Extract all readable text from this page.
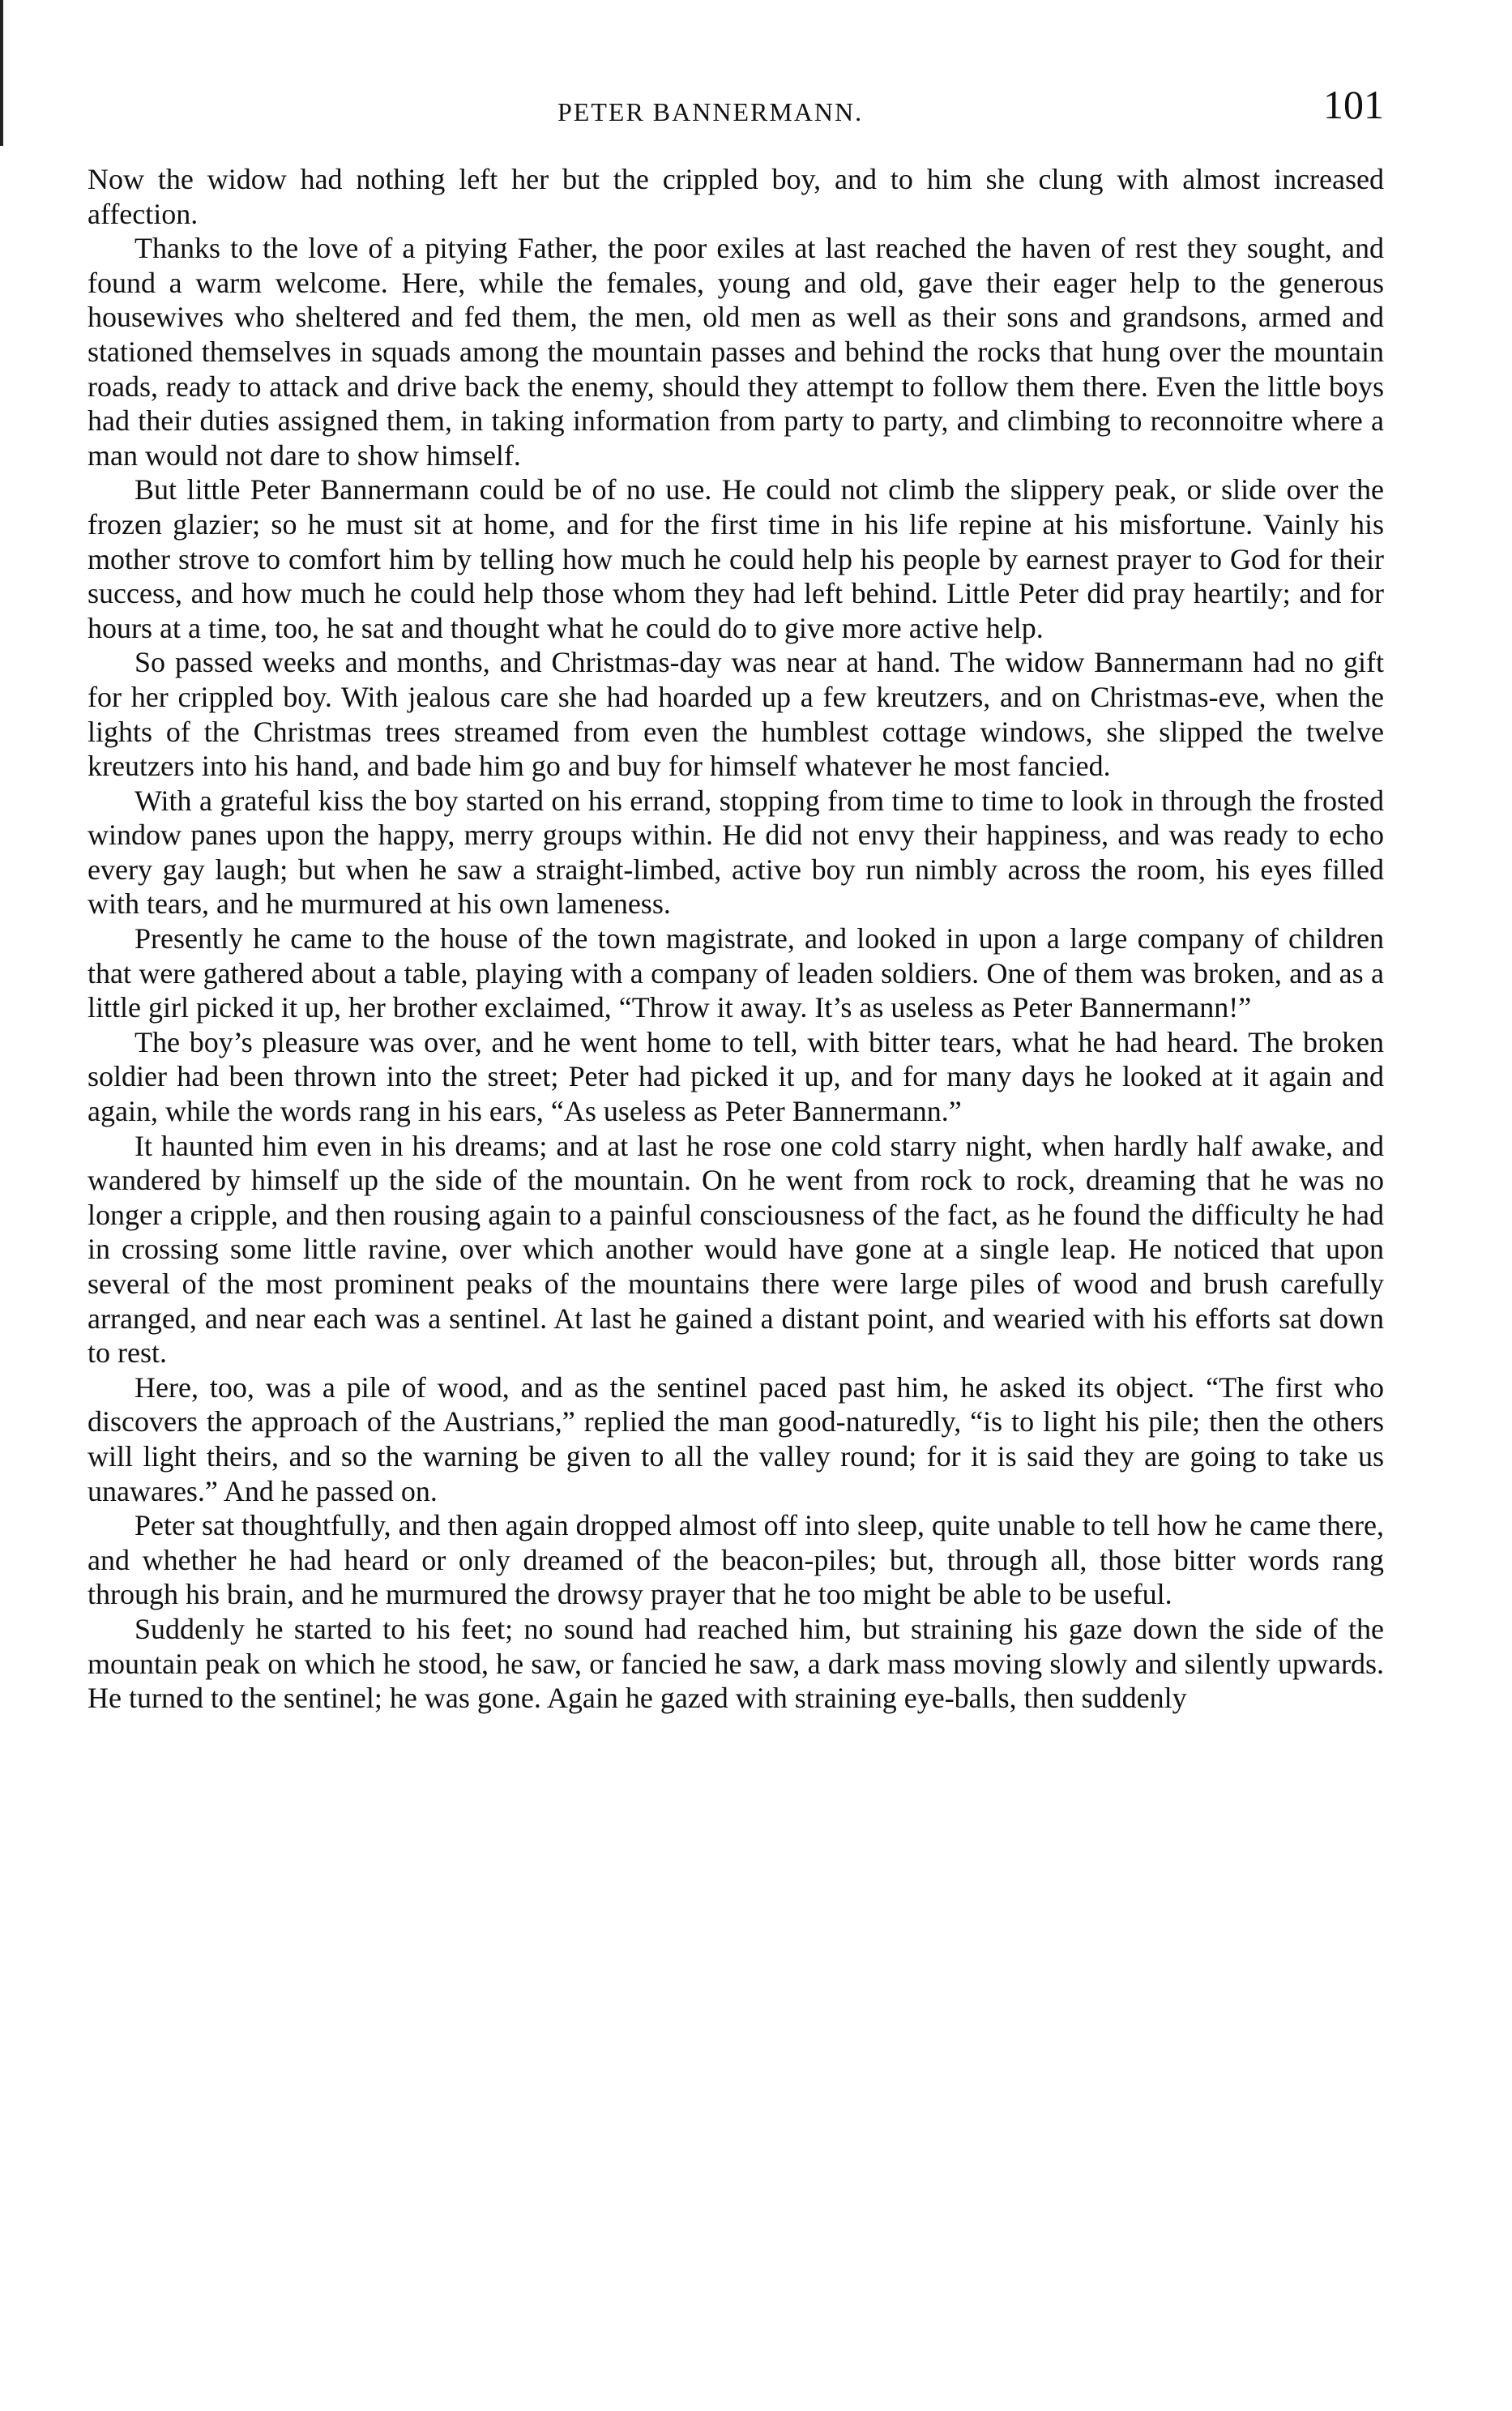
PETER BANNERMANN.	101

Now the widow had nothing left her but the crippled boy, and to him she clung with almost increased affection.

Thanks to the love of a pitying Father, the poor exiles at last reached the haven of rest they sought, and found a warm welcome. Here, while the females, young and old, gave their eager help to the generous housewives who sheltered and fed them, the men, old men as well as their sons and grandsons, armed and stationed themselves in squads among the mountain passes and behind the rocks that hung over the mountain roads, ready to attack and drive back the enemy, should they attempt to follow them there. Even the little boys had their duties assigned them, in taking information from party to party, and climbing to reconnoitre where a man would not dare to show himself.

But little Peter Bannermann could be of no use. He could not climb the slippery peak, or slide over the frozen glazier; so he must sit at home, and for the first time in his life repine at his misfortune. Vainly his mother strove to comfort him by telling how much he could help his people by earnest prayer to God for their success, and how much he could help those whom they had left behind. Little Peter did pray heartily; and for hours at a time, too, he sat and thought what he could do to give more active help.

So passed weeks and months, and Christmas-day was near at hand. The widow Bannermann had no gift for her crippled boy. With jealous care she had hoarded up a few kreutzers, and on Christmas-eve, when the lights of the Christmas trees streamed from even the humblest cottage windows, she slipped the twelve kreutzers into his hand, and bade him go and buy for himself whatever he most fancied.

With a grateful kiss the boy started on his errand, stopping from time to time to look in through the frosted window panes upon the happy, merry groups within. He did not envy their happiness, and was ready to echo every gay laugh; but when he saw a straight-limbed, active boy run nimbly across the room, his eyes filled with tears, and he murmured at his own lameness.

Presently he came to the house of the town magistrate, and looked in upon a large company of children that were gathered about a table, playing with a company of leaden soldiers. One of them was broken, and as a little girl picked it up, her brother exclaimed, “Throw it away. It’s as useless as Peter Bannermann!”

The boy’s pleasure was over, and he went home to tell, with bitter tears, what he had heard. The broken soldier had been thrown into the street; Peter had picked it up, and for many days he looked at it again and again, while the words rang in his ears, “As useless as Peter Bannermann.”

It haunted him even in his dreams; and at last he rose one cold starry night, when hardly half awake, and wandered by himself up the side of the mountain. On he went from rock to rock, dreaming that he was no longer a cripple, and then rousing again to a painful consciousness of the fact, as he found the difficulty he had in crossing some little ravine, over which another would have gone at a single leap. He noticed that upon several of the most prominent peaks of the mountains there were large piles of wood and brush carefully arranged, and near each was a sentinel. At last he gained a distant point, and wearied with his efforts sat down to rest.

Here, too, was a pile of wood, and as the sentinel paced past him, he asked its object. “The first who discovers the approach of the Austrians,” replied the man good-naturedly, “is to light his pile; then the others will light theirs, and so the warning be given to all the valley round; for it is said they are going to take us unawares.” And he passed on.

Peter sat thoughtfully, and then again dropped almost off into sleep, quite unable to tell how he came there, and whether he had heard or only dreamed of the beacon-piles; but, through all, those bitter words rang through his brain, and he murmured the drowsy prayer that he too might be able to be useful.

Suddenly he started to his feet; no sound had reached him, but straining his gaze down the side of the mountain peak on which he stood, he saw, or fancied he saw, a dark mass moving slowly and silently upwards. He turned to the sentinel; he was gone. Again he gazed with straining eye-balls, then suddenly
